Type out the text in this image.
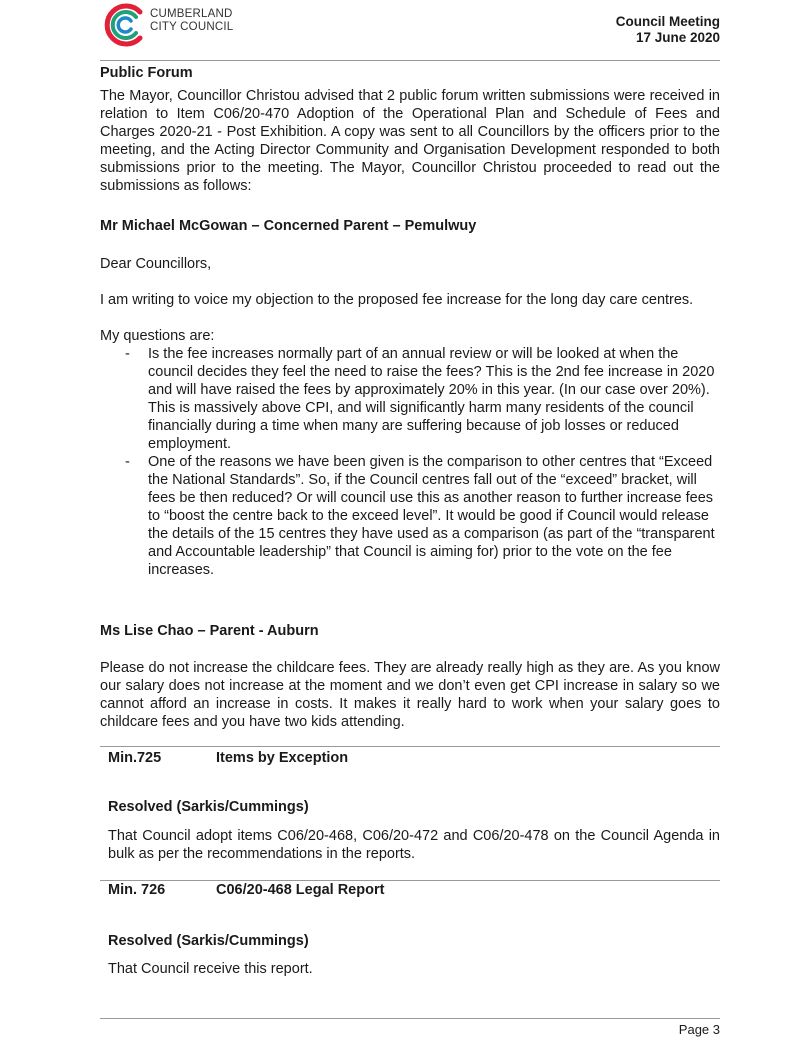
CUMBERLAND
CITY COUNCIL	Council Meeting
17 June 2020

Public Forum

The Mayor, Councillor Christou advised that 2 public forum written submissions were received in relation to Item C06/20-470 Adoption of the Operational Plan and Schedule of Fees and Charges 2020-21 - Post Exhibition. A copy was sent to all Councillors by the officers prior to the meeting, and the Acting Director Community and Organisation Development responded to both submissions prior to the meeting. The Mayor, Councillor Christou proceeded to read out the submissions as follows:

Mr Michael McGowan – Concerned Parent – Pemulwuy

Dear Councillors,

I am writing to voice my objection to the proposed fee increase for the long day care centres.

My questions are:

- Is the fee increases normally part of an annual review or will be looked at when the council decides they feel the need to raise the fees? This is the 2nd fee increase in 2020 and will have raised the fees by approximately 20% in this year. (In our case over 20%). This is massively above CPI, and will significantly harm many residents of the council financially during a time when many are suffering because of job losses or reduced employment.
- One of the reasons we have been given is the comparison to other centres that “Exceed the National Standards”. So, if the Council centres fall out of the “exceed” bracket, will fees be then reduced? Or will council use this as another reason to further increase fees to “boost the centre back to the exceed level”. It would be good if Council would release the details of the 15 centres they have used as a comparison (as part of the “transparent and Accountable leadership” that Council is aiming for) prior to the vote on the fee increases.

Ms Lise Chao – Parent - Auburn

Please do not increase the childcare fees. They are already really high as they are. As you know our salary does not increase at the moment and we don’t even get CPI increase in salary so we cannot afford an increase in costs. It makes it really hard to work when your salary goes to childcare fees and you have two kids attending.

Min.725	Items by Exception
Resolved (Sarkis/Cummings)
That Council adopt items C06/20-468, C06/20-472 and C06/20-478 on the Council Agenda in bulk as per the recommendations in the reports.
Min. 726	C06/20-468 Legal Report
Resolved (Sarkis/Cummings)
That Council receive this report.
Page 3
